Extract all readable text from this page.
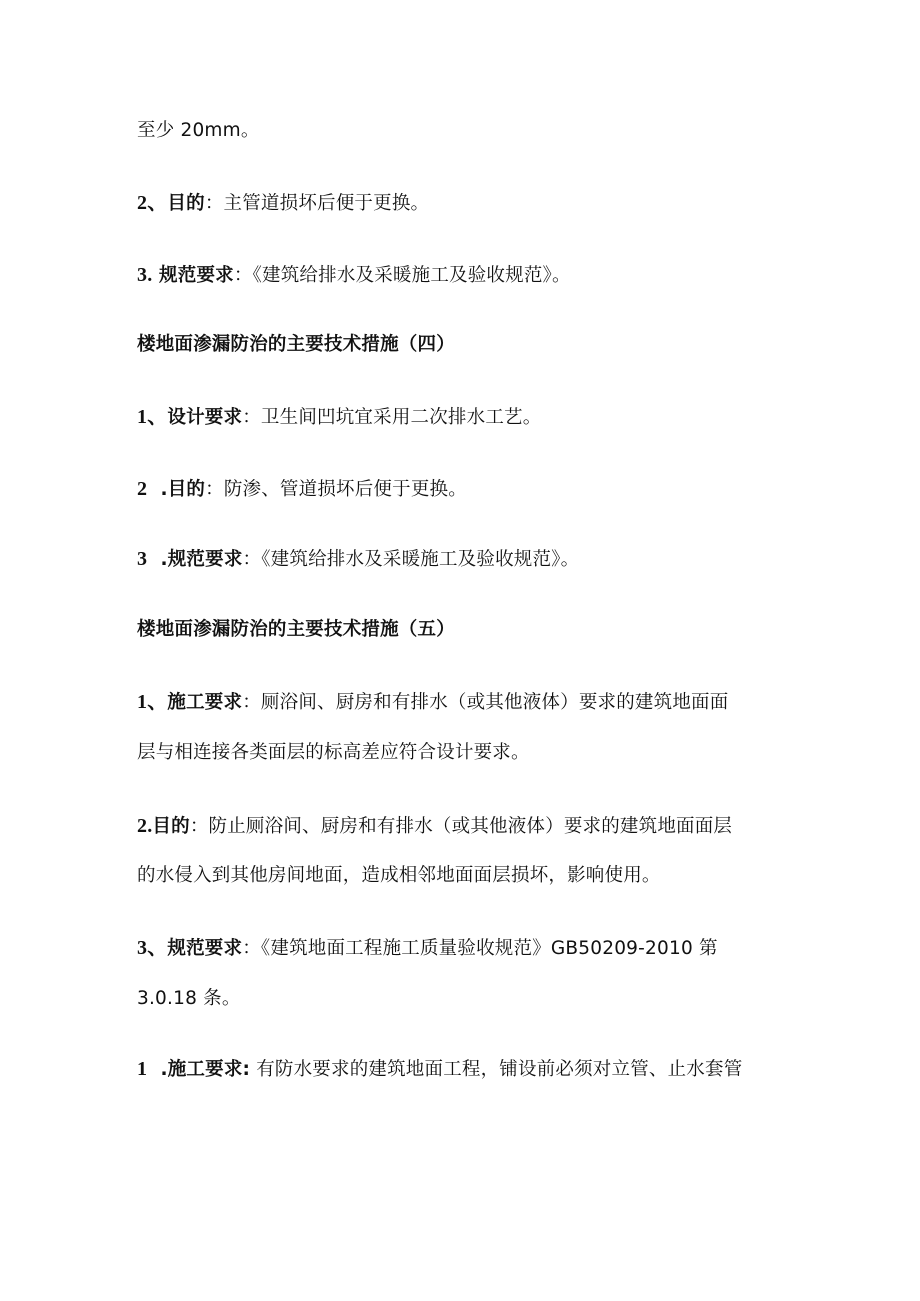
至少 20mm。
2、目的：主管道损坏后便于更换。
3. 规范要求：《建筑给排水及采暖施工及验收规范》。
楼地面渗漏防治的主要技术措施（四）
1、设计要求：卫生间凹坑宜采用二次排水工艺。
2  .目的：防渗、管道损坏后便于更换。
3  .规范要求：《建筑给排水及采暖施工及验收规范》。
楼地面渗漏防治的主要技术措施（五）
1、施工要求：厕浴间、厨房和有排水（或其他液体）要求的建筑地面面
层与相连接各类面层的标高差应符合设计要求。
2.目的：防止厕浴间、厨房和有排水（或其他液体）要求的建筑地面面层
的水侵入到其他房间地面，造成相邻地面面层损坏，影响使用。
3、规范要求：《建筑地面工程施工质量验收规范》GB50209-2010 第
3.0.18 条。
1  .施工要求: 有防水要求的建筑地面工程，铺设前必须对立管、止水套管
